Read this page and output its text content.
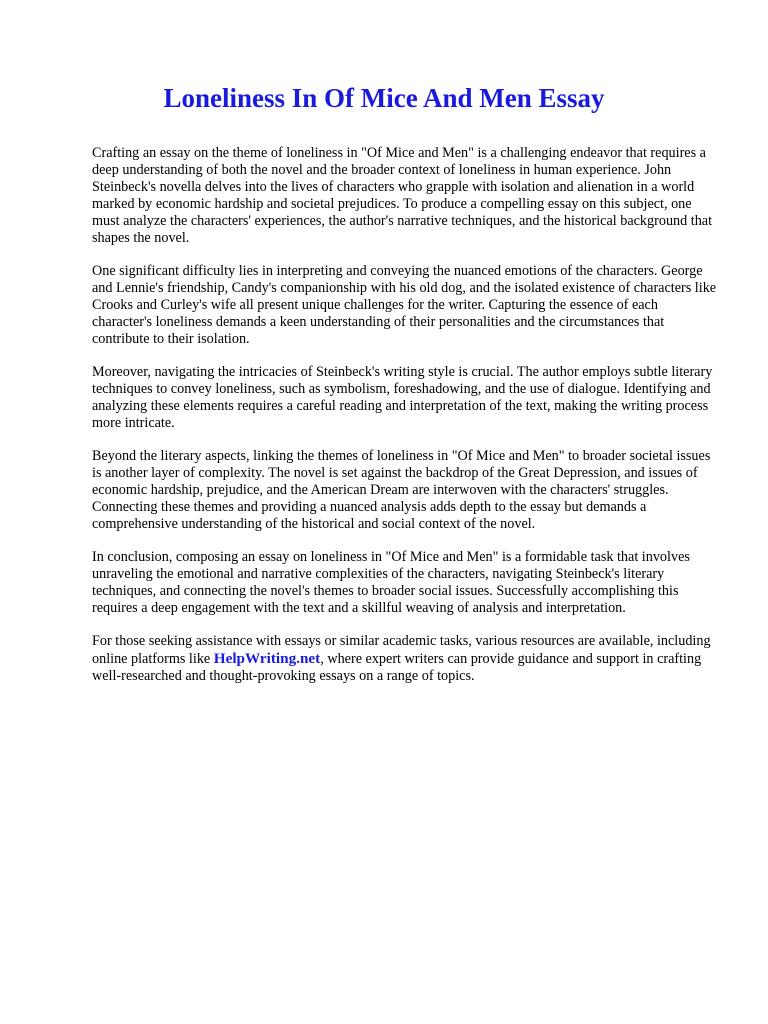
Loneliness In Of Mice And Men Essay

Crafting an essay on the theme of loneliness in "Of Mice and Men" is a challenging endeavor that requires a deep understanding of both the novel and the broader context of loneliness in human experience. John Steinbeck's novella delves into the lives of characters who grapple with isolation and alienation in a world marked by economic hardship and societal prejudices. To produce a compelling essay on this subject, one must analyze the characters' experiences, the author's narrative techniques, and the historical background that shapes the novel.

One significant difficulty lies in interpreting and conveying the nuanced emotions of the characters. George and Lennie's friendship, Candy's companionship with his old dog, and the isolated existence of characters like Crooks and Curley's wife all present unique challenges for the writer. Capturing the essence of each character's loneliness demands a keen understanding of their personalities and the circumstances that contribute to their isolation.

Moreover, navigating the intricacies of Steinbeck's writing style is crucial. The author employs subtle literary techniques to convey loneliness, such as symbolism, foreshadowing, and the use of dialogue. Identifying and analyzing these elements requires a careful reading and interpretation of the text, making the writing process more intricate.

Beyond the literary aspects, linking the themes of loneliness in "Of Mice and Men" to broader societal issues is another layer of complexity. The novel is set against the backdrop of the Great Depression, and issues of economic hardship, prejudice, and the American Dream are interwoven with the characters' struggles. Connecting these themes and providing a nuanced analysis adds depth to the essay but demands a comprehensive understanding of the historical and social context of the novel.

In conclusion, composing an essay on loneliness in "Of Mice and Men" is a formidable task that involves unraveling the emotional and narrative complexities of the characters, navigating Steinbeck's literary techniques, and connecting the novel's themes to broader social issues. Successfully accomplishing this requires a deep engagement with the text and a skillful weaving of analysis and interpretation.

For those seeking assistance with essays or similar academic tasks, various resources are available, including online platforms like HelpWriting.net, where expert writers can provide guidance and support in crafting well-researched and thought-provoking essays on a range of topics.
